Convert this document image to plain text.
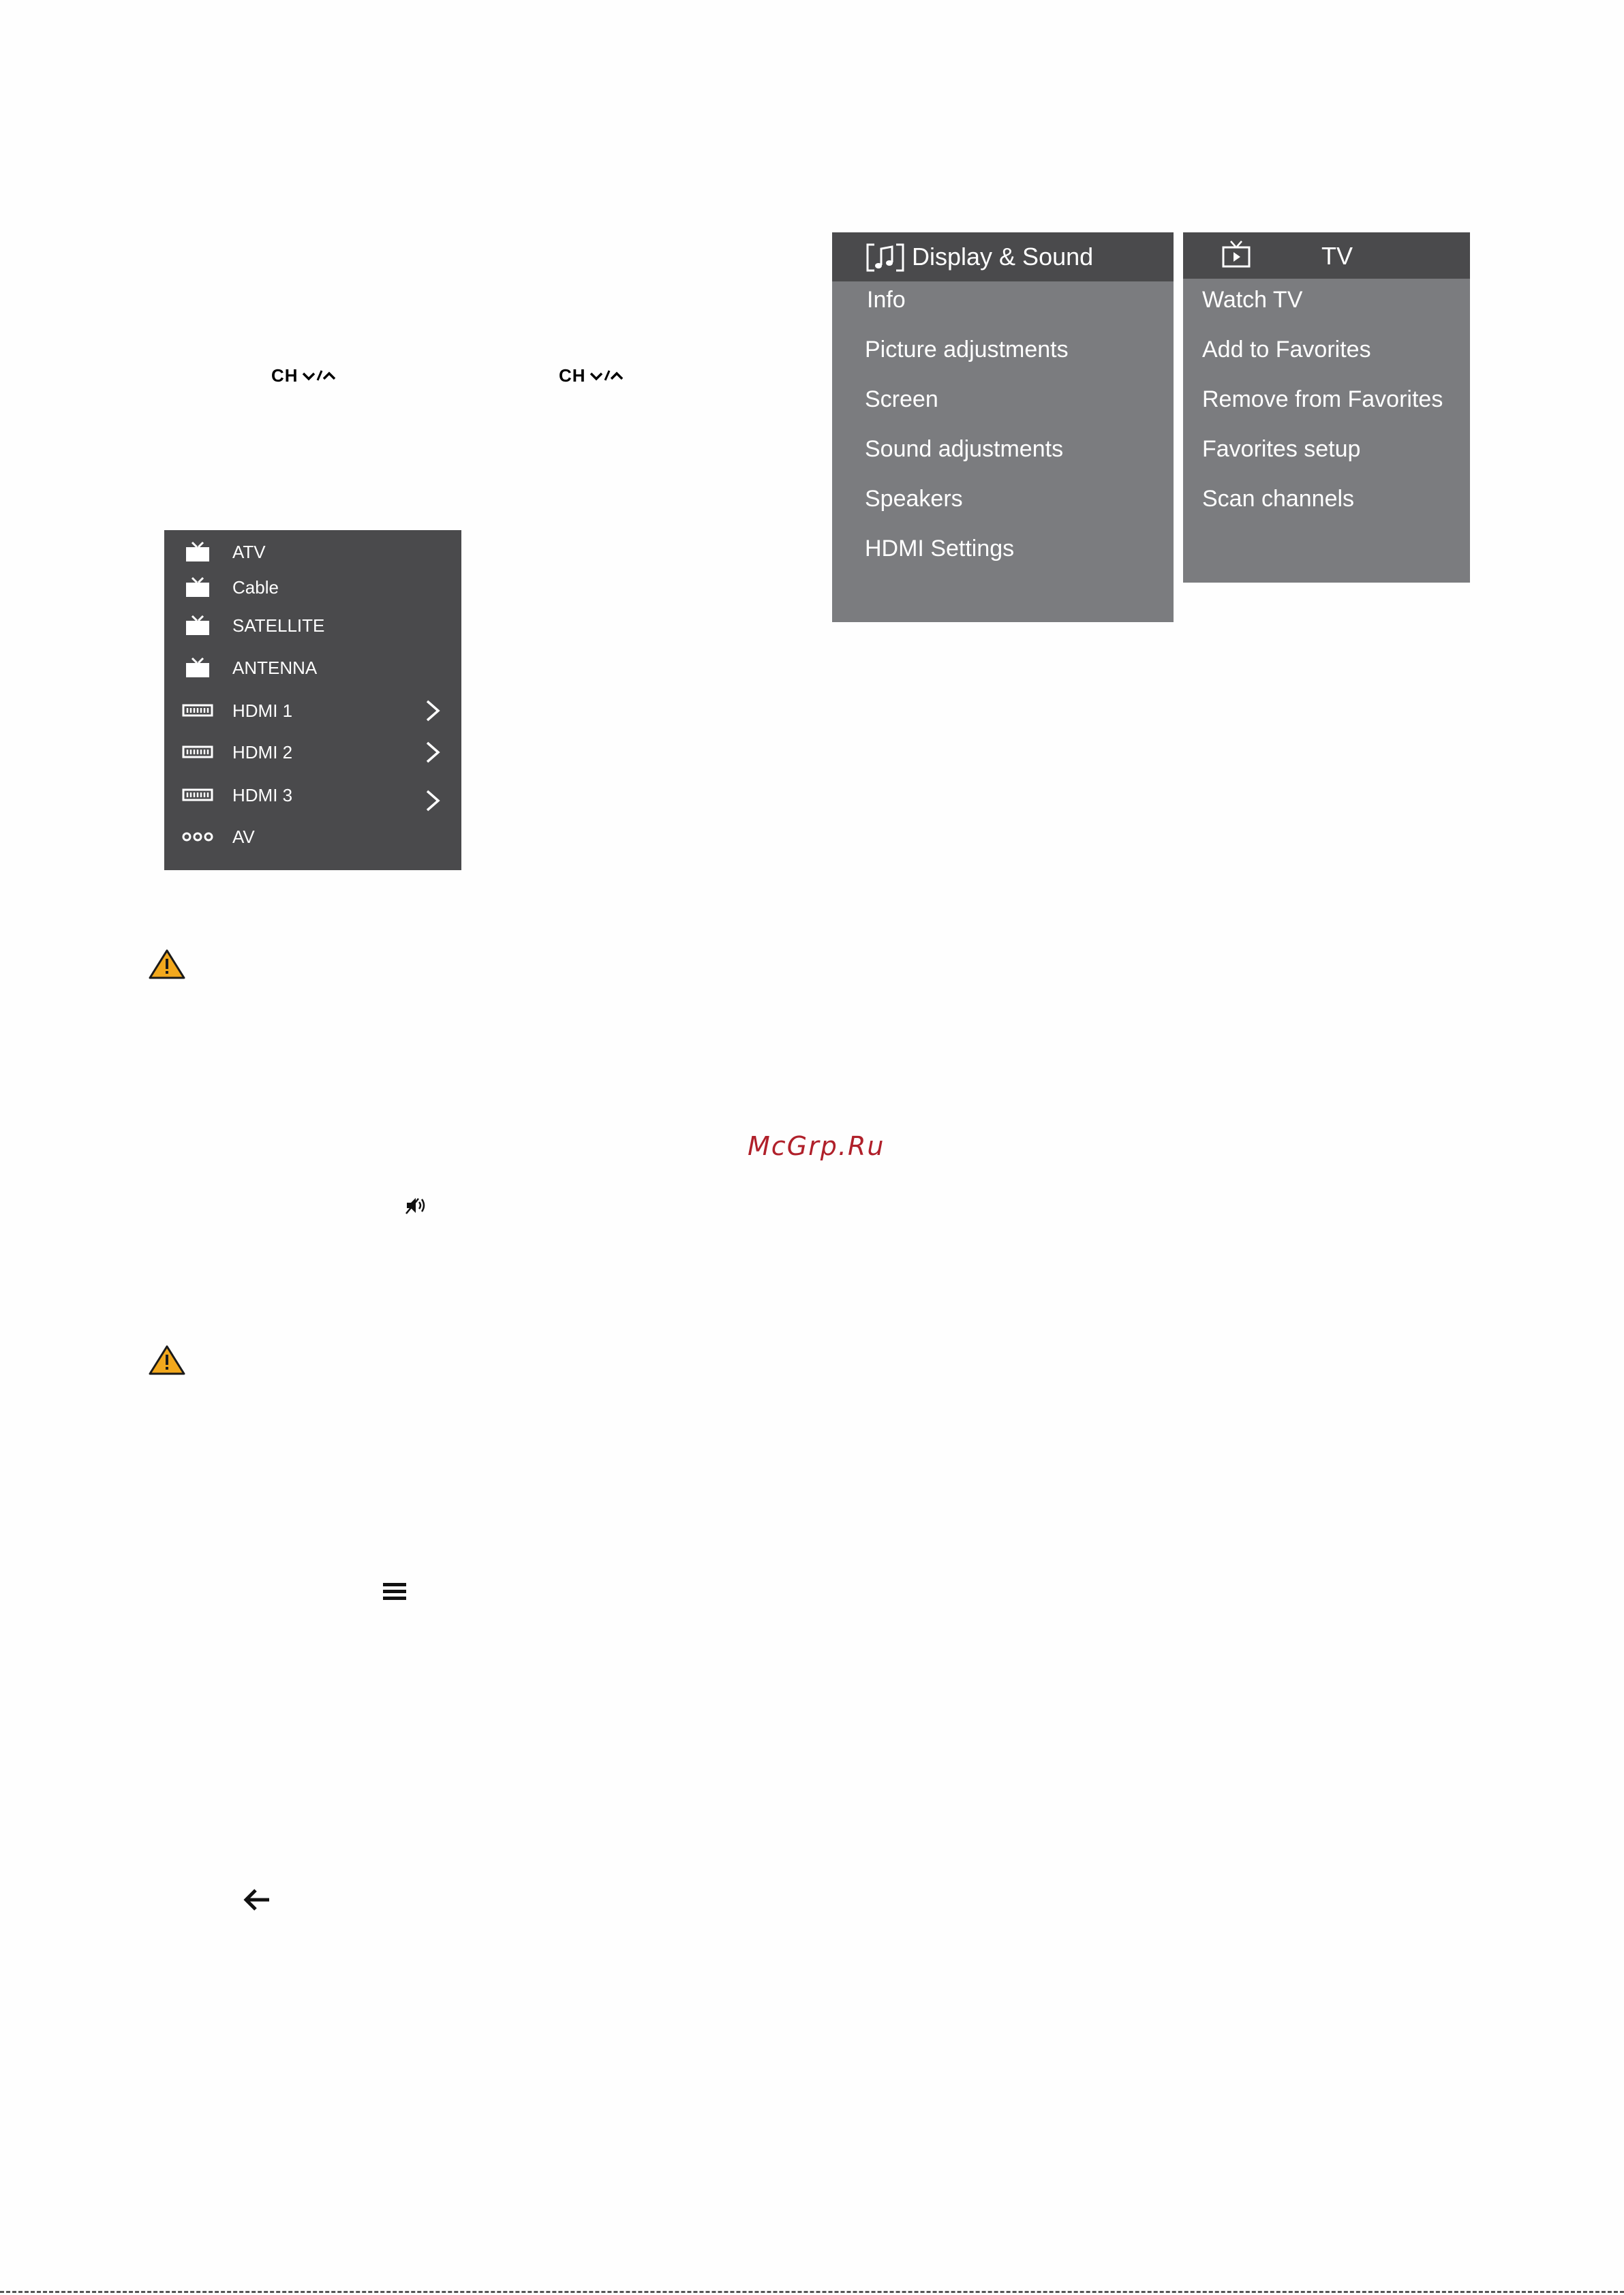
CH	CH
ATV
Cable
SATELLITE
ANTENNA
HDMI 1
HDMI 2
HDMI 3
AV
Display & Sound
Info
Picture adjustments
Screen
Sound adjustments
Speakers
HDMI Settings
TV
Watch TV
Add to Favorites
Remove from Favorites
Favorites setup
Scan channels
McGrp.Ru
